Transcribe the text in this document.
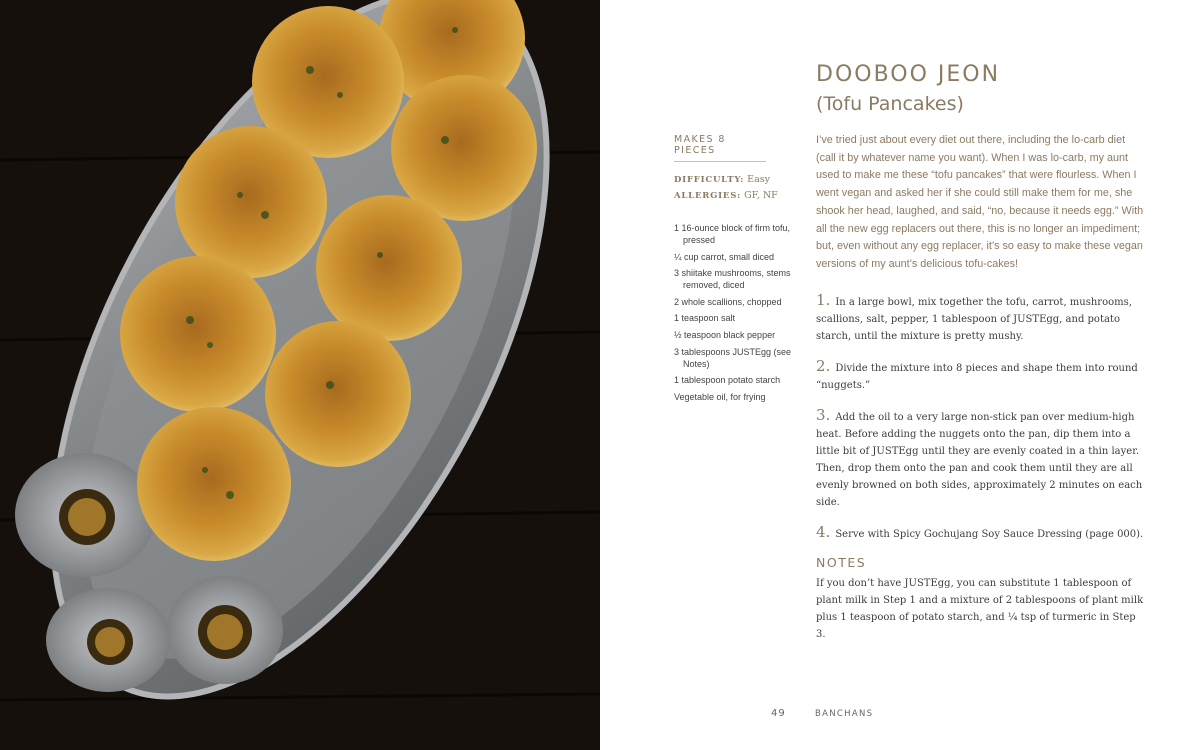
DOOBOO JEON
(Tofu Pancakes)
MAKES 8 PIECES
DIFFICULTY: Easy
ALLERGIES: GF, NF
1 16-ounce block of firm tofu, pressed
¼ cup carrot, small diced
3 shiitake mushrooms, stems removed, diced
2 whole scallions, chopped
1 teaspoon salt
½ teaspoon black pepper
3 tablespoons JUSTEgg (see Notes)
1 tablespoon potato starch
Vegetable oil, for frying

I’ve tried just about every diet out there, including the lo-carb diet (call it by whatever name you want). When I was lo-carb, my aunt used to make me these “tofu pancakes” that were flourless. When I went vegan and asked her if she could still make them for me, she shook her head, laughed, and said, “no, because it needs egg.” With all the new egg replacers out there, this is no longer an impediment; but, even without any egg replacer, it’s so easy to make these vegan versions of my aunt’s delicious tofu-cakes!

1. In a large bowl, mix together the tofu, carrot, mushrooms, scallions, salt, pepper, 1 tablespoon of JUSTEgg, and potato starch, until the mixture is pretty mushy.
2. Divide the mixture into 8 pieces and shape them into round “nuggets.”
3. Add the oil to a very large non-stick pan over medium-high heat. Before adding the nuggets onto the pan, dip them into a little bit of JUSTEgg until they are evenly coated in a thin layer. Then, drop them onto the pan and cook them until they are all evenly browned on both sides, approximately 2 minutes on each side.
4. Serve with Spicy Gochujang Soy Sauce Dressing (page 000).
NOTES

If you don’t have JUSTEgg, you can substitute 1 tablespoon of plant milk in Step 1 and a mixture of 2 tablespoons of plant milk plus 1 teaspoon of potato starch, and ¼ tsp of turmeric in Step 3.

49	BANCHANS
